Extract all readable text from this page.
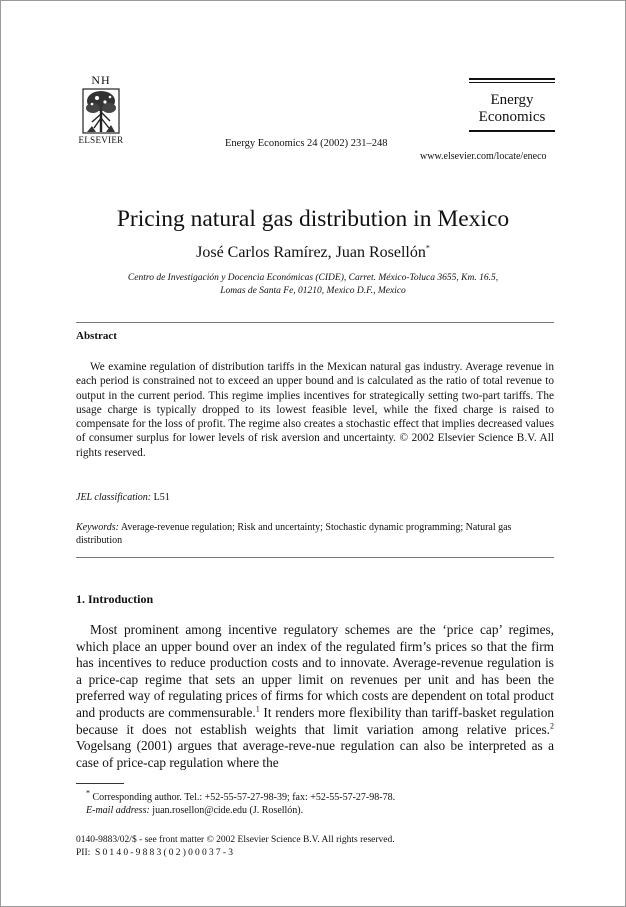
NH
ELSEVIER	Energy Economics 24 (2002) 231–248
Energy
Economics
www.elsevier.com/locate/eneco
Pricing natural gas distribution in Mexico
José Carlos Ramírez, Juan Rosellón*
Centro de Investigación y Docencia Económicas (CIDE), Carret. México-Toluca 3655, Km. 16.5,
Lomas de Santa Fe, 01210, Mexico D.F., Mexico
Abstract
We examine regulation of distribution tariffs in the Mexican natural gas industry. Average revenue in each period is constrained not to exceed an upper bound and is calculated as the ratio of total revenue to output in the current period. This regime implies incentives for strategically setting two-part tariffs. The usage charge is typically dropped to its lowest feasible level, while the fixed charge is raised to compensate for the loss of profit. The regime also creates a stochastic effect that implies decreased values of consumer surplus for lower levels of risk aversion and uncertainty. © 2002 Elsevier Science B.V. All rights reserved.
JEL classification: L51
Keywords: Average-revenue regulation; Risk and uncertainty; Stochastic dynamic programming; Natural gas distribution
1. Introduction
Most prominent among incentive regulatory schemes are the ‘price cap’ regimes, which place an upper bound over an index of the regulated firm’s prices so that the firm has incentives to reduce production costs and to innovate. Average-revenue regulation is a price-cap regime that sets an upper limit on revenues per unit and has been the preferred way of regulating prices of firms for which costs are dependent on total product and products are commensurable.$^1$ It renders more flexibility than tariff-basket regulation because it does not establish weights that limit variation among relative prices.$^2$ Vogelsang (2001) argues that average-reve-nue regulation can also be interpreted as a case of price-cap regulation where the
* Corresponding author. Tel.: +52-55-57-27-98-39; fax: +52-55-57-27-98-78.
E-mail address: juan.rosellon@cide.edu (J. Rosellón).
0140-9883/02/$ - see front matter © 2002 Elsevier Science B.V. All rights reserved.
PII: S0140-9883(02)00037-3
